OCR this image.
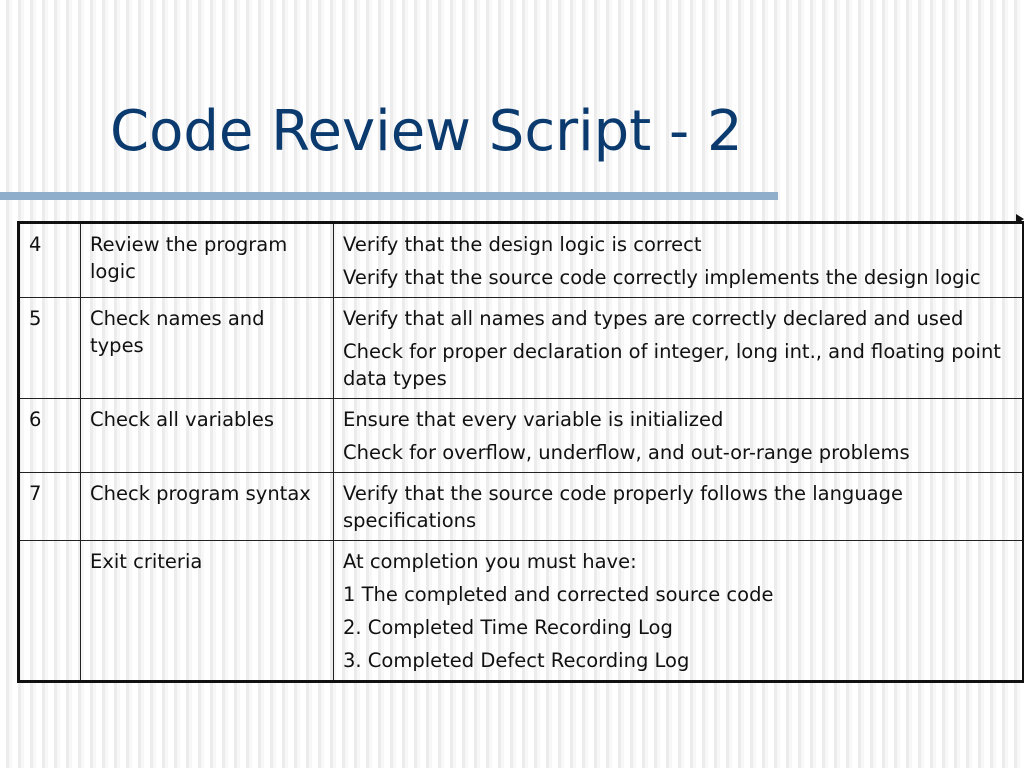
Code Review Script - 2
4	Review the program logic	Verify that the design logic is correct
Verify that the source code correctly implements the design logic

5	Check names and types	Verify that all names and types are correctly declared and used
Check for proper declaration of integer, long int., and floating point data types

6	Check all variables	Ensure that every variable is initialized
Check for overflow, underflow, and out-or-range problems

7	Check program syntax	Verify that the source code properly follows the language specifications

	Exit criteria	At completion you must have:
1 The completed and corrected source code
2. Completed Time Recording Log
3. Completed Defect Recording Log
